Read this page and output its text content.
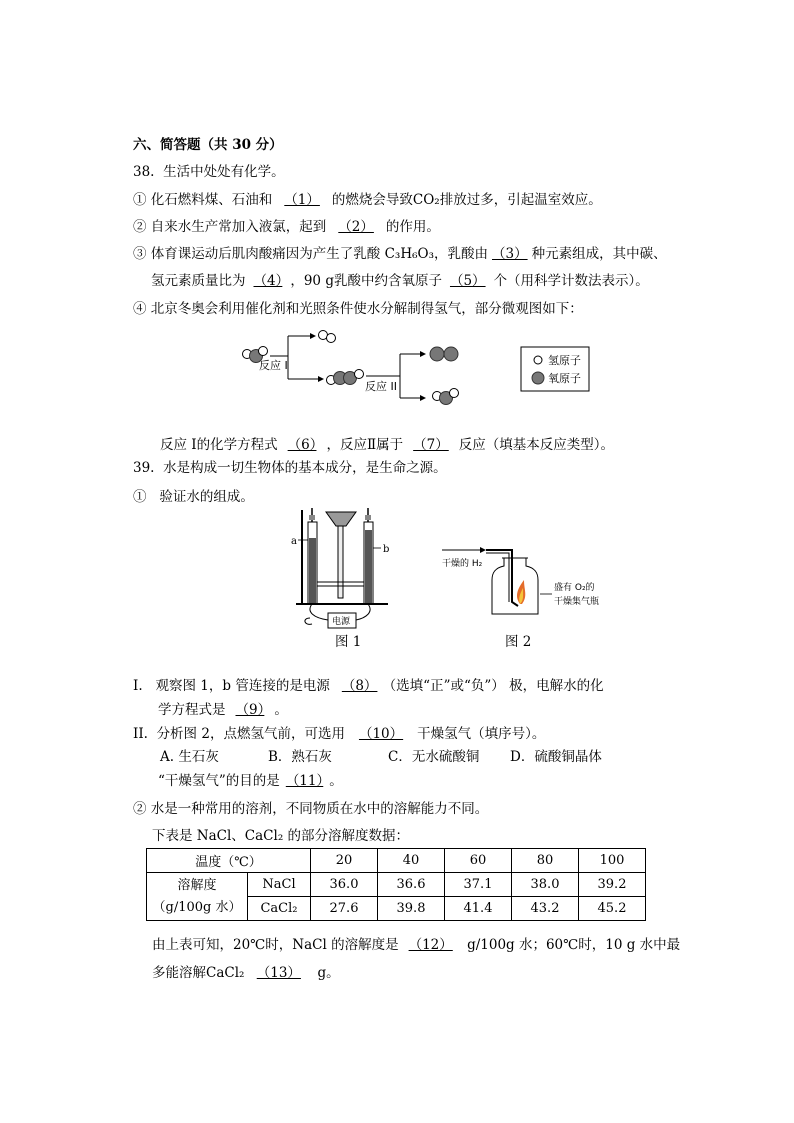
六、简答题（共 30 分）
38. 生活中处处有化学。
① 化石燃料煤、石油和 （1） 的燃烧会导致CO₂排放过多，引起温室效应。
② 自来水生产常加入液氯，起到 （2） 的作用。
③ 体育课运动后肌肉酸痛因为产生了乳酸 C₃H₆O₃，乳酸由 （3） 种元素组成，其中碳、
氢元素质量比为 （4） ，90 g乳酸中约含氧原子 （5） 个（用科学计数法表示）。
④ 北京冬奥会利用催化剂和光照条件使水分解制得氢气，部分微观图如下：
反应 I
反应 II
氢原子
氧原子
反应 I的化学方程式 （6） ，反应Ⅱ属于 （7） 反应（填基本反应类型）。
39. 水是构成一切生物体的基本成分，是生命之源。
① 验证水的组成。
a
b
电源
图 1
干燥的 H₂
盛有 O₂的
干燥集气瓶
图 2
I. 观察图 1，b 管连接的是电源 （8） （选填“正”或“负”） 极，电解水的化
学方程式是 （9） 。
II. 分析图 2，点燃氢气前，可选用 （10） 干燥氢气（填序号）。
A. 生石灰	B．熟石灰	C．无水硫酸铜 D．硫酸铜晶体
“干燥氢气”的目的是 （11） 。
② 水是一种常用的溶剂，不同物质在水中的溶解能力不同。
下表是 NaCl、CaCl₂ 的部分溶解度数据：
温度（℃）		20	40	60	80	100

溶解度
（g/100g 水）	NaCl	36.0	36.6	37.1	38.0	39.2
	CaCl₂	27.6	39.8	41.4	43.2	45.2
由上表可知，20℃时，NaCl 的溶解度是 （12） g/100g 水；60℃时，10 g 水中最
多能溶解CaCl₂ （13） g。
